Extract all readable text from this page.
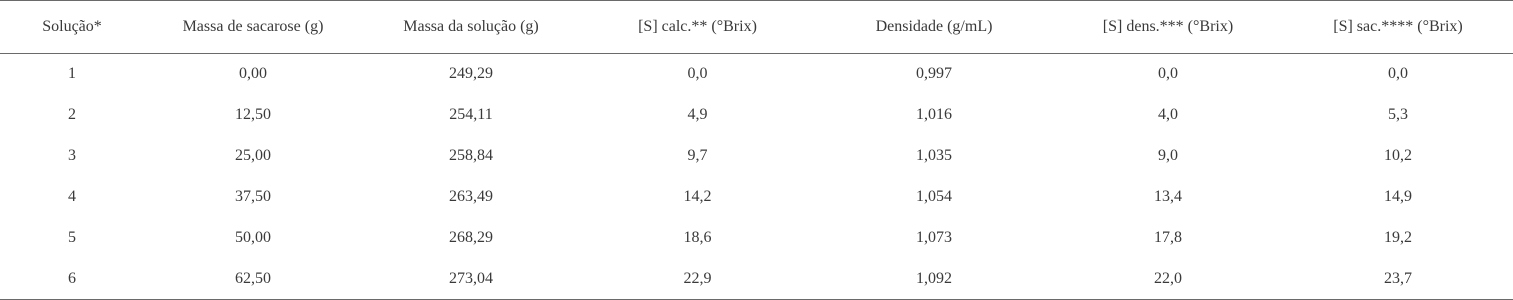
Solução*	Massa de sacarose (g)	Massa da solução (g)	[S] calc.** (°Brix)	Densidade (g/mL)	[S] dens.*** (°Brix)	[S] sac.**** (°Brix)
1	0,00	249,29	0,0	0,997	0,0	0,0
2	12,50	254,11	4,9	1,016	4,0	5,3
3	25,00	258,84	9,7	1,035	9,0	10,2
4	37,50	263,49	14,2	1,054	13,4	14,9
5	50,00	268,29	18,6	1,073	17,8	19,2
6	62,50	273,04	22,9	1,092	22,0	23,7
